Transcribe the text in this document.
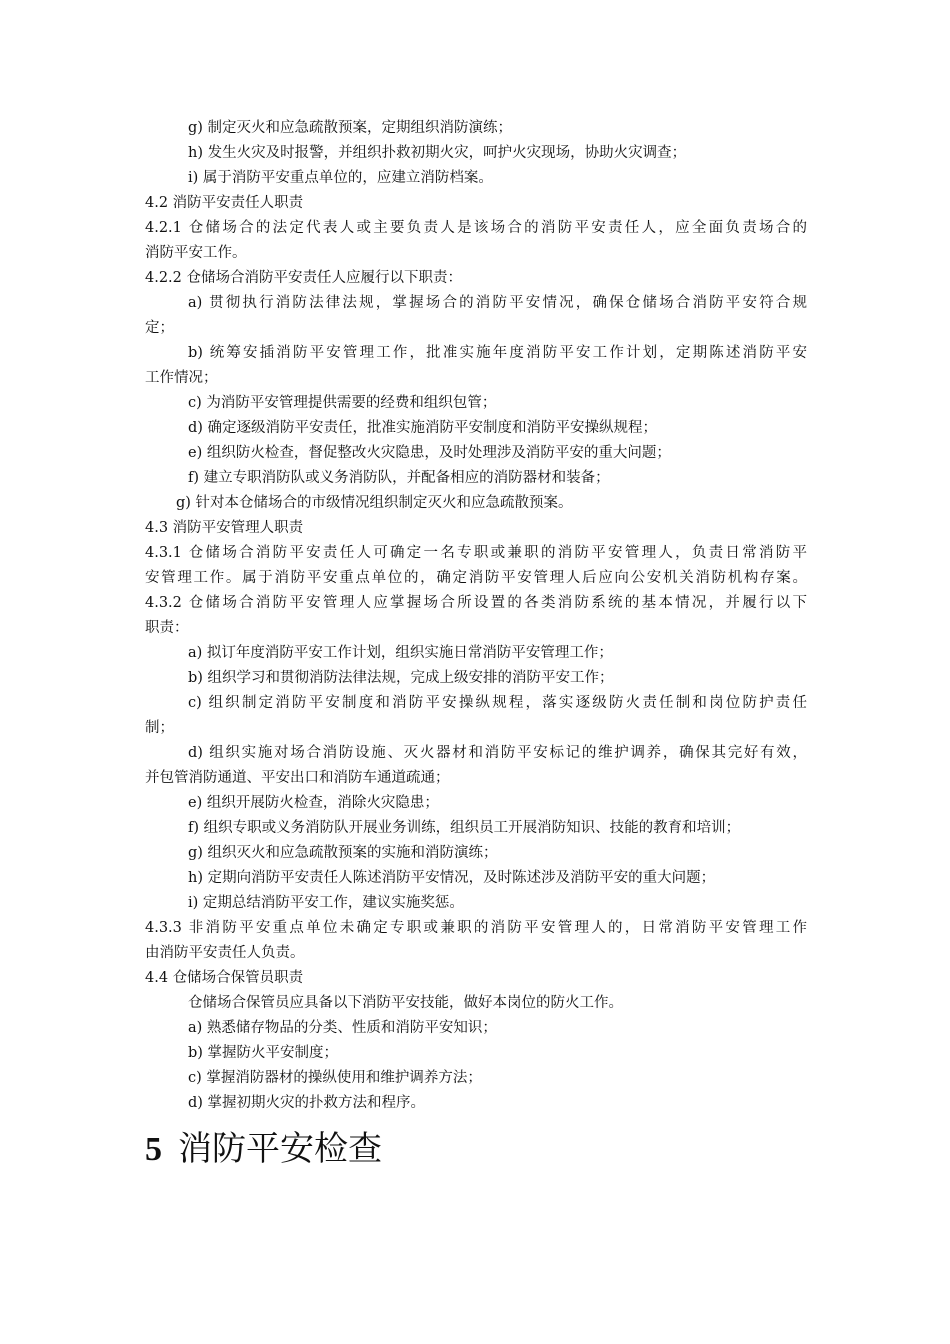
g) 制定灭火和应急疏散预案，定期组织消防演练；
h) 发生火灾及时报警，并组织扑救初期火灾，呵护火灾现场，协助火灾调查；
i) 属于消防平安重点单位的，应建立消防档案。
4.2 消防平安责任人职责
4.2.1 仓储场合的法定代表人或主要负责人是该场合的消防平安责任人，应全面负责场合的
消防平安工作。
4.2.2 仓储场合消防平安责任人应履行以下职责：
a) 贯彻执行消防法律法规，掌握场合的消防平安情况，确保仓储场合消防平安符合规
定；
b) 统筹安插消防平安管理工作，批准实施年度消防平安工作计划，定期陈述消防平安
工作情况；
c) 为消防平安管理提供需要的经费和组织包管；
d) 确定逐级消防平安责任，批准实施消防平安制度和消防平安操纵规程；
e) 组织防火检查，督促整改火灾隐患，及时处理涉及消防平安的重大问题；
f) 建立专职消防队或义务消防队，并配备相应的消防器材和装备；
g) 针对本仓储场合的市级情况组织制定灭火和应急疏散预案。
4.3 消防平安管理人职责
4.3.1 仓储场合消防平安责任人可确定一名专职或兼职的消防平安管理人，负责日常消防平
安管理工作。属于消防平安重点单位的，确定消防平安管理人后应向公安机关消防机构存案。
4.3.2 仓储场合消防平安管理人应掌握场合所设置的各类消防系统的基本情况，并履行以下
职责：
a) 拟订年度消防平安工作计划，组织实施日常消防平安管理工作；
b) 组织学习和贯彻消防法律法规，完成上级安排的消防平安工作；
c) 组织制定消防平安制度和消防平安操纵规程，落实逐级防火责任制和岗位防护责任
制；
d) 组织实施对场合消防设施、灭火器材和消防平安标记的维护调养，确保其完好有效，
并包管消防通道、平安出口和消防车通道疏通；
e) 组织开展防火检查，消除火灾隐患；
f) 组织专职或义务消防队开展业务训练，组织员工开展消防知识、技能的教育和培训；
g) 组织灭火和应急疏散预案的实施和消防演练；
h) 定期向消防平安责任人陈述消防平安情况，及时陈述涉及消防平安的重大问题；
i) 定期总结消防平安工作，建议实施奖惩。
4.3.3 非消防平安重点单位未确定专职或兼职的消防平安管理人的，日常消防平安管理工作
由消防平安责任人负责。
4.4 仓储场合保管员职责
仓储场合保管员应具备以下消防平安技能，做好本岗位的防火工作。
a) 熟悉储存物品的分类、性质和消防平安知识；
b) 掌握防火平安制度；
c) 掌握消防器材的操纵使用和维护调养方法；
d) 掌握初期火灾的扑救方法和程序。
5 消防平安检查
